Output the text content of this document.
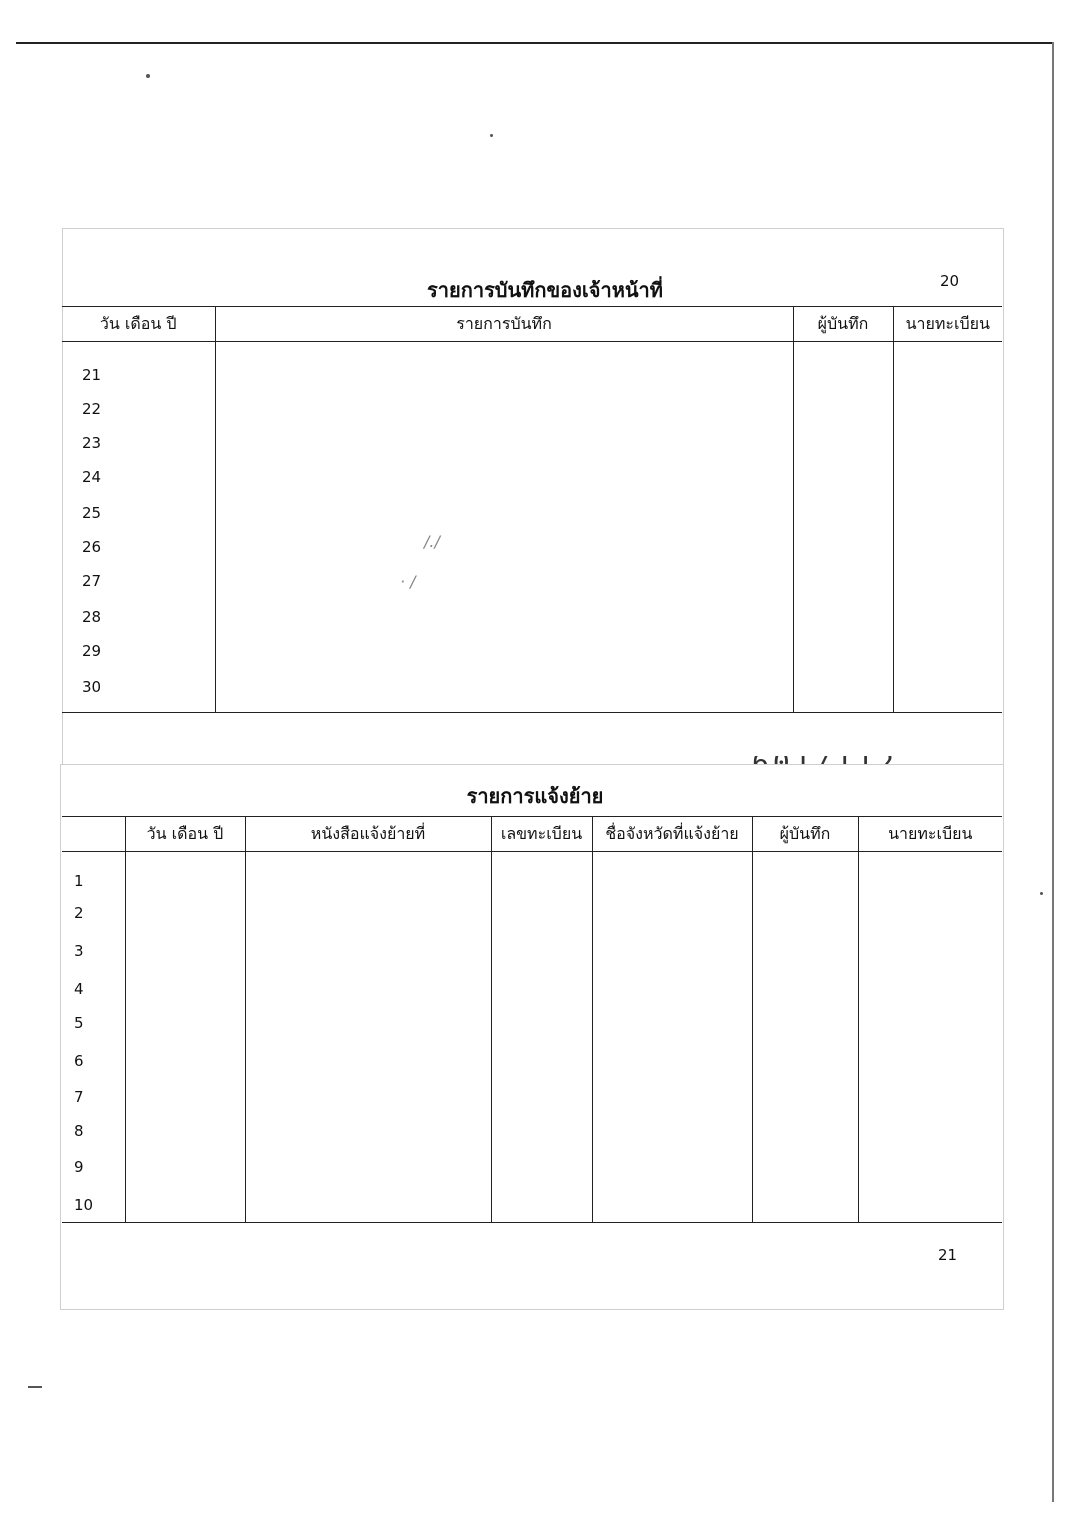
รายการบันทึกของเจ้าหน้าที่	20
วัน เดือน ปี	รายการบันทึก	ผู้บันทึก	นายทะเบียน

21
22
23
24
25
26
27
28
29
30
/./
· /
รายการแจ้งย้าย
	วัน เดือน ปี	หนังสือแจ้งย้ายที่	เลขทะเบียน	ชื่อจังหวัดที่แจ้งย้าย	ผู้บันทึก	นายทะเบียน

1
2
3
4
5
6
7
8
9
10
21
